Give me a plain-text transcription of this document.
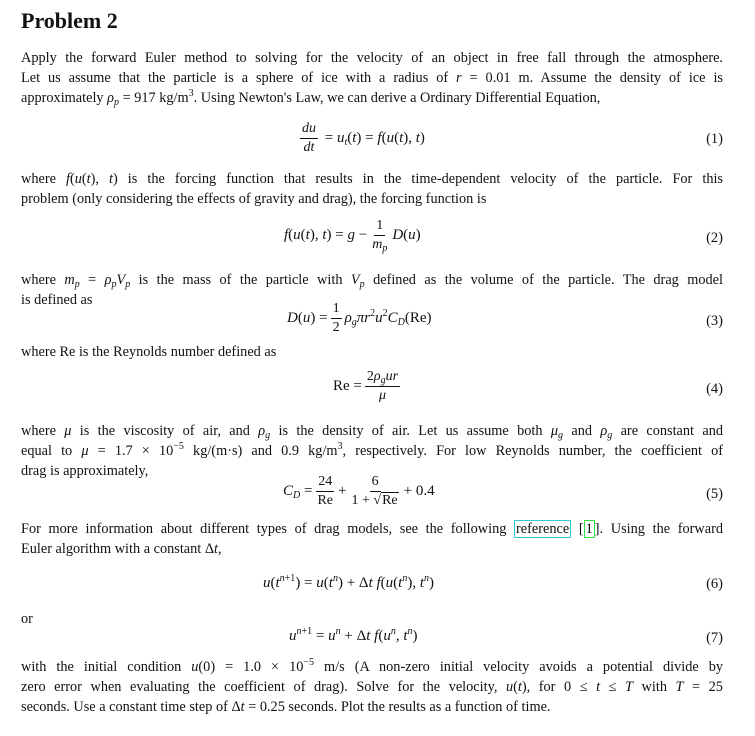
Problem 2
Apply the forward Euler method to solving for the velocity of an object in free fall through the atmosphere.
Let us assume that the particle is a sphere of ice with a radius of r = 0.01 m. Assume the density of ice is
approximately $\rho_p = 917$ $kg/m^3$. Using Newton's Law, we can derive a Ordinary Differential Equation,
$\frac{du}{dt} = u_t(t) = f(u(t)$, t)	(1)
where f(u(t), t) is the forcing function that results in the time-dependent velocity of the particle. For this
problem (only considering the effects of gravity and drag), the forcing function is
f(u(t), $t) = g - \frac{1}{m_p} D(u)$	(2)
where $m_p = \rho_pV_p$ is the mass of the particle with $V_p$ defined as the volume of the particle. The drag model
is defined as
$D(u) = \frac{1}{2} \rho_g\pi r^2u^2C_D(Re)$	(3)
where Re is the Reynolds number defined as
$Re = \frac{2\rho_gur}{\mu}$	(4)
where μ is the viscosity of air, and $\rho_g$ is the density of air. Let us assume both $\mu_g$ and $\rho_g$ are constant and
equal to $\mu = 1.7 \times 10^{-5}$ kg/(m·s) and 0.9 $kg/m^3$, respectively. For low Reynolds number, the coefficient of
drag is approximately,
$C_D = \frac{24}{Re} + \frac{6}{1 + √Re} + 0.4$	(5)
For more information about different types of drag models, see the following reference [ 1 ]. Using the forward
Euler algorithm with a constant Δt,
$u(t^{n+1}) = u(t^n) + \Delta t$ $f(u(t^n)$, $t^n$)	(6)
or
$u^{n+1} = u^n + \Delta t$ $f(u^n$, $t^n$)	(7)
with the initial condition $u(0) = 1.0 \times 10^{-5}$ m/s (A non-zero initial velocity avoids a potential divide by
zero error when evaluating the coefficient of drag). Solve for the velocity, u(t), for 0 ≤ t ≤ T with T = 25
seconds. Use a constant time step of Δt = 0.25 seconds. Plot the results as a function of time.
